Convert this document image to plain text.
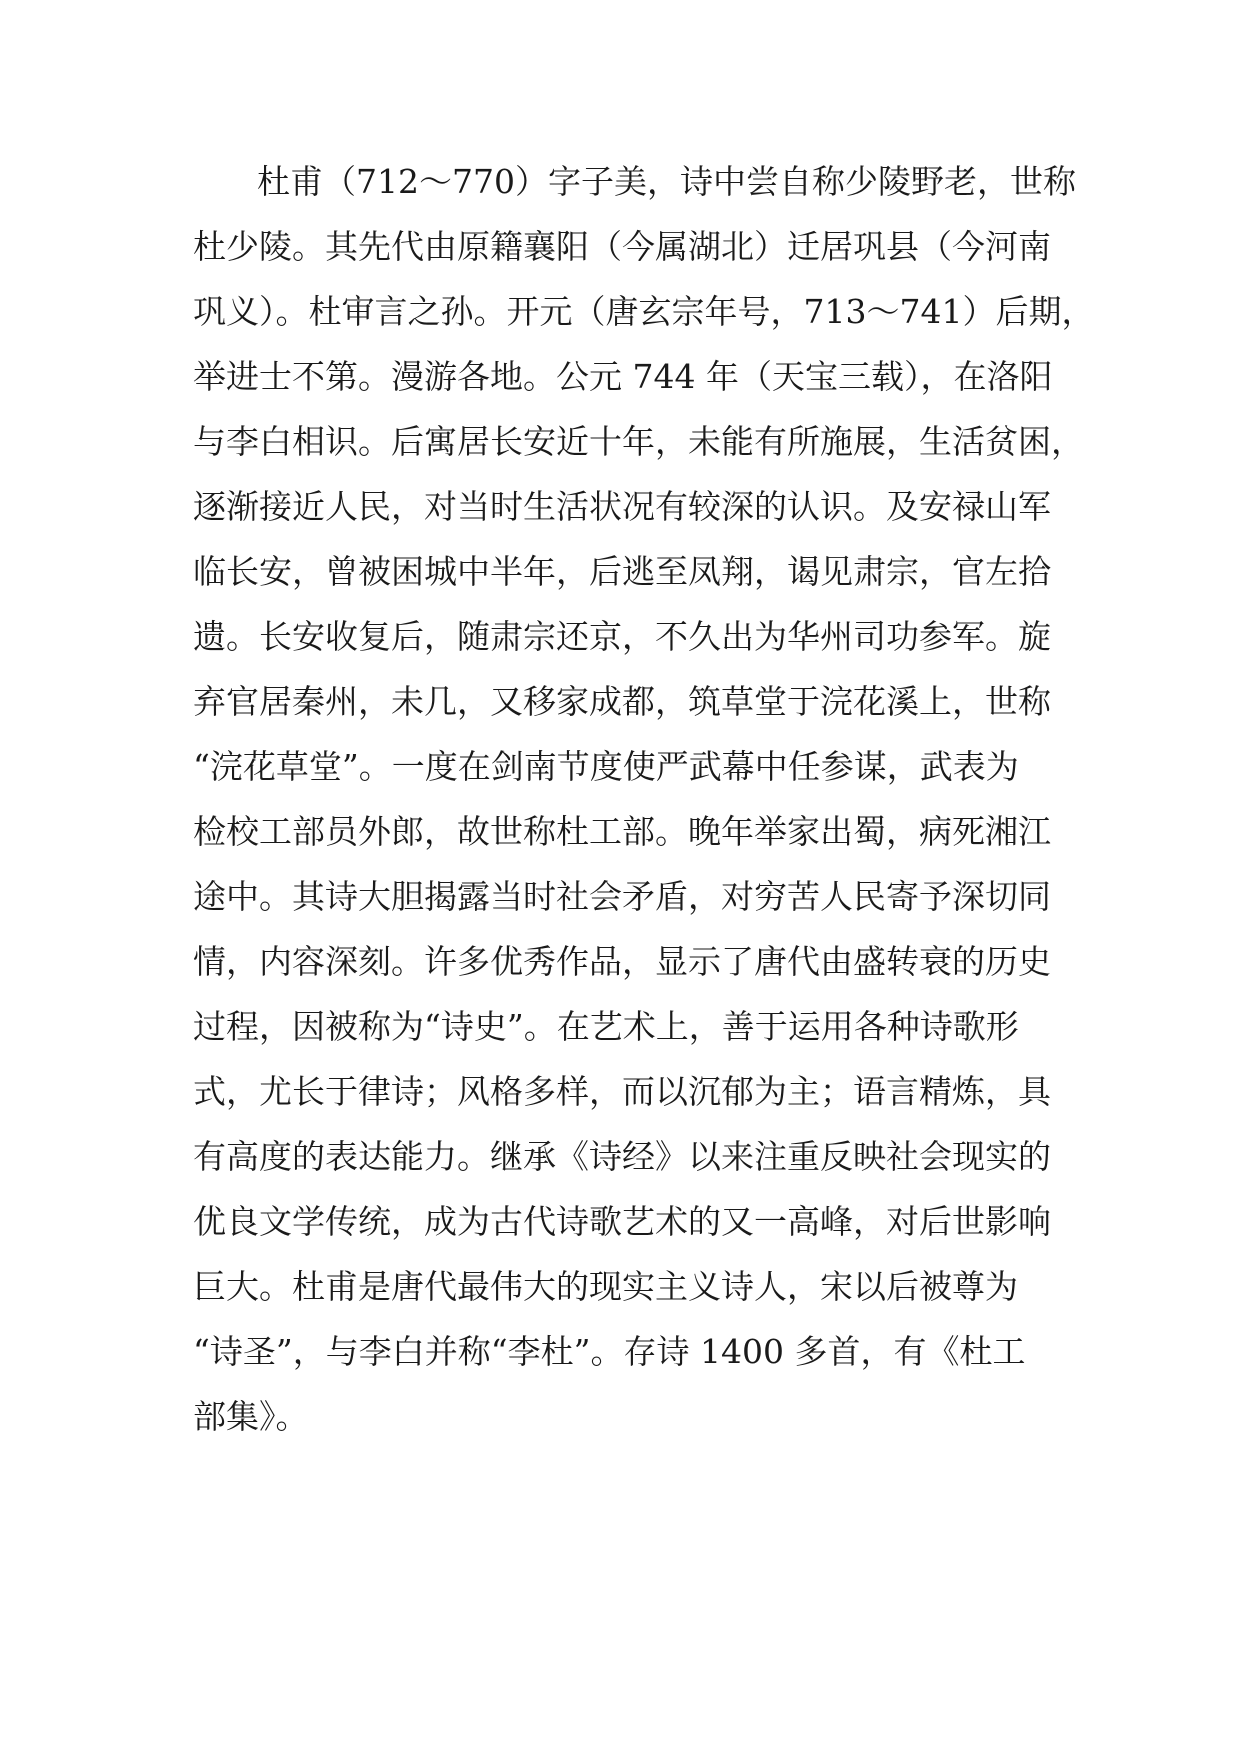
杜甫（712～770）字子美，诗中尝自称少陵野老，世称
杜少陵。其先代由原籍襄阳（今属湖北）迁居巩县（今河南
巩义）。杜审言之孙。开元（唐玄宗年号，713～741）后期，
举进士不第。漫游各地。公元 744 年（天宝三载），在洛阳
与李白相识。后寓居长安近十年，未能有所施展，生活贫困，
逐渐接近人民，对当时生活状况有较深的认识。及安禄山军
临长安，曾被困城中半年，后逃至凤翔，谒见肃宗，官左拾
遗。长安收复后，随肃宗还京，不久出为华州司功参军。旋
弃官居秦州，未几，又移家成都，筑草堂于浣花溪上，世称
“浣花草堂”。一度在剑南节度使严武幕中任参谋，武表为
检校工部员外郎，故世称杜工部。晚年举家出蜀，病死湘江
途中。其诗大胆揭露当时社会矛盾，对穷苦人民寄予深切同
情，内容深刻。许多优秀作品，显示了唐代由盛转衰的历史
过程，因被称为“诗史”。在艺术上，善于运用各种诗歌形
式，尤长于律诗；风格多样，而以沉郁为主；语言精炼，具
有高度的表达能力。继承《诗经》以来注重反映社会现实的
优良文学传统，成为古代诗歌艺术的又一高峰，对后世影响
巨大。杜甫是唐代最伟大的现实主义诗人，宋以后被尊为
“诗圣”，与李白并称“李杜”。存诗 1400 多首，有《杜工
部集》。
